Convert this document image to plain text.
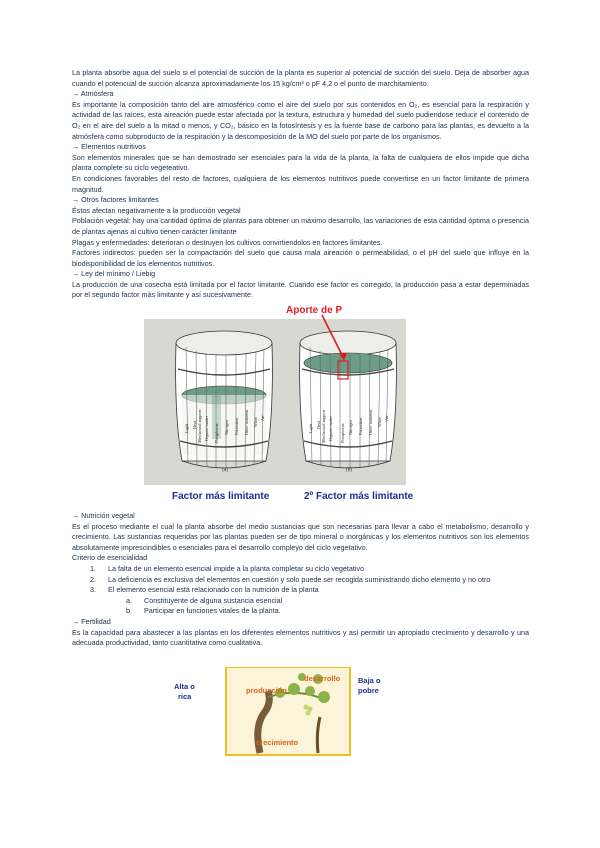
La planta absorbe agua del suelo si el potencial de succión de la planta es superior al potencial de succión del suelo. Deja de absorber agua cuando el potencual de succión alcanza aproximadamente los 15 kg/cm² o pF 4,2 o el punto de marchitamiento.

→ Atmósfera

Es importante la composición tanto del aire atmosférico como el aire del suelo por sus contenidos en O₂, es esencial para la respiración y actividad de las raíces, esta aireación puede estar afectada por la textura, estructura y humedad del suelo pudiendose reducir el contenido de O₂ en el aire del suelo a la mitad o menos, y CO₂, básico en la fotosíntesis y es la fuente base de carbono para las plantas, es devuelto a la atmósfera como subproducto de la respiración y la descomposición de la MO del suelo por parte de los organismos.

→ Elementos nutritivos

Son elementos minerales que se han demostrado ser esenciales para la vida de la planta, la falta de cualquiera de ellos impide que dicha planta complete su ciclo vegeteativo.

En condiciones favorables del resto de factores, cualquiera de los elementos nutritivos puede convertirse en un factor limitante de primera magnitud.

→ Otros factores limitantes

Éstos afectan negativamente a la producción vegetal

Población vegetal: hay una cantidad óptima de plantas para obtener un máximo desarrollo, las variaciones de esta cantidad óptima o presencia de plantas ajenas al cultivo tienen carácter limitante

Plagas y enfermedades: deterioran o destruyen los cultivos convirtiendolos en factores limitantes.

Factores indirectos: pueden ser la compactación del suelo que causa mala aireación o permeabilidad, o el pH del suelo que influye en la biodisponibilidad de los elementos nutritivos.

→ Ley del mínimo / Liebig

La producción de una cosecha está limitada por el factor limitante. Cuando ese factor es corregido, la producción pasa a estar deperminadas por el segundo factor más limitante y así sucesivamente.

Light Heat Mechanical support Organic matter Phosphorus Nitrogen Potassium Other nutrients Water Air
(a)
Light Heat Mechanical support Organic matter Phosphorus Nitrogen Potassium Other nutrients Water Air
(b)
Aporte de P
Factor más limitante	2º Factor más limitante

→ Nutrición vegetal

Es el proceso mediante el cual la planta absorbe del medio sustancias que son necesarias para llevar a cabo el metabolismo, desarrollo y crecimiento. Las sustancias requeridas por las plantas pueden ser de tipo mineral o inorgánicas y los elementos nutritivos son los elementos absolutamente imprescindibles o esenciales para el desarrollo compleyo del ciclo vegetativo.

Criterio de esencialidad

1. La falta de un elemento esencial impide a la planta completar su ciclo vegetativo
2. La deficiencia es exclusiva del elementos en cuestión y solo puede ser recogida suministrando dicho elemento y no otro
3. El elemento esencial está relacionado con la nutrición de la planta
a. Constituyente de alguna sustancia esencial
b. Participar en funciones vitales de la planta.

→ Fertilidad

Es la capacidad para abastecer a las plantas en los diferentes elementos nutritivos y así permitir un apropiado crecimiento y desarrollo y una adecuada productividad, tanto cuantitativa como cualitativa.

Alta o
rica
producción
desarrollo
crecimiento
Baja o
pobre
